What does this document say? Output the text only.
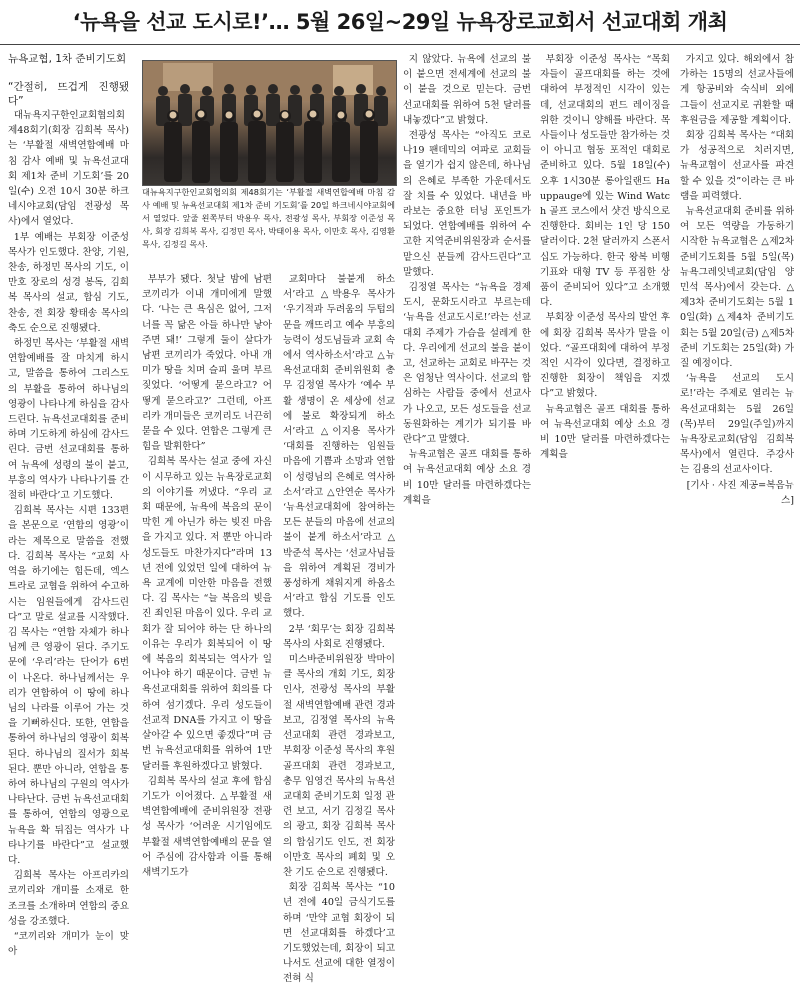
‘뉴욕을 선교 도시로!’… 5월 26일~29일 뉴욕장로교회서 선교대회 개최

뉴욕교협, 1차 준비기도회
“간절히, 뜨겁게 진행됐다”

대뉴욕지구한인교회협의회 제48회기(회장 김희복 목사)는 ‘부활절 새벽연합예배 마침 감사 예배 및 뉴욕선교대회 제1차 준비 기도회’를 20일(수) 오전 10시 30분 하크네시야교회(담임 전광성 목사)에서 열었다.

1부 예배는 부회장 이준성 목사가 인도했다. 찬양, 기원, 찬송, 하정민 목사의 기도, 이만호 장로의 성경 봉독, 김희복 목사의 설교, 합심 기도, 찬송, 전 회장 황태송 목사의 축도 순으로 진행됐다.

하정민 목사는 ‘부활절 새벽연합예배를 잘 마치게 하시고, 말씀을 통하여 그리스도의 부활을 통하여 하나님의 영광이 나타나게 하심을 감사드린다. 뉴욕선교대회를 준비하며 기도하게 하심에 감사드린다. 금번 선교대회를 통하여 뉴욕에 성령의 불이 붙고, 부흥의 역사가 나타나기를 간절히 바란다’고 기도했다.

김희복 목사는 시편 133편을 본문으로 ‘연합의 영광’이라는 제목으로 말씀을 전했다. 김희복 목사는 “교회 사역을 하기에는 힘든데, 엑스트라로 교협을 위하여 수고하시는 임원들에게 감사드린다”고 말로 설교를 시작했다. 김 목사는 “연합 자체가 하나님께 큰 영광이 된다. 주기도문에 ‘우리’라는 단어가 6번이 나온다. 하나님께서는 우리가 연합하여 이 땅에 하나님의 나라를 이루어 가는 것을 기뻐하신다. 또한, 연합을 통하여 하나님의 영광이 회복된다. 하나님의 질서가 회복된다. 뿐만 아니라, 연합을 통하여 하나님의 구원의 역사가 나타난다. 금번 뉴욕선교대회를 통하여, 연합의 영광으로 뉴욕을 확 뒤집는 역사가 나타나기를 바란다”고 설교했다.

김희복 목사는 아프리카의 코끼리와 개미를 소재로 한 조크를 소개하며 연합의 중요성을 강조했다.

“코끼리와 개미가 눈이 맞아

대뉴욕지구한인교회협의회 제48회기는 ‘부활절 새벽연합예배 마침 감사 예배 및 뉴욕선교대회 제1차 준비 기도회’를 20일 하크네시야교회에서 열었다. 앞줄 왼쪽부터 박용우 목사, 전광성 목사, 부회장 이준성 목사, 회장 김희복 목사, 김정민 목사, 박태이용 목사, 이만호 목사, 김영환 목사, 김정길 목사.

부부가 됐다. 첫날 밤에 남편 코끼리가 이내 개미에게 말했다. ‘나는 큰 욕심은 없어, 그저 너를 꼭 닮은 아들 하나만 낳아주면 돼!’ 그렇게 둘이 살다가 남편 코끼리가 죽었다. 아내 개미가 땅을 치며 슬피 울며 부르짖었다. ‘어떻게 묻으라고? 어떻게 묻으라고?’ 그런데, 아프리카 개미들은 코끼리도 너끈히 묻을 수 있다. 연합은 그렇게 큰 힘을 발휘한다”

김희복 목사는 설교 중에 자신이 시무하고 있는 뉴욕장로교회의 이야기를 꺼냈다. “우리 교회 때문에, 뉴욕에 복음의 문이 막힌 게 아닌가 하는 빚진 마음을 가지고 있다. 저 뿐만 아니라 성도들도 마찬가지다”라며 13년 전에 있었던 일에 대하여 뉴욕 교계에 미안한 마음을 전했다. 김 목사는 “늘 복음의 빚을 진 죄인된 마음이 있다. 우리 교회가 잘 되어야 하는 단 하나의 이유는 우리가 회복되어 이 땅에 복음의 회복되는 역사가 일어나야 하기 때문이다. 금번 뉴욕선교대회를 위하여 회의를 다하여 섬기겠다. 우리 성도들이 선교적 DNA를 가지고 이 땅을 살아갈 수 있으면 좋겠다”며 금번 뉴욕선교대회를 위하여 1만 달러를 후원하겠다고 밝혔다.

김희복 목사의 설교 후에 합심기도가 이어졌다. △부활절 새벽연합예배에 준비위원장 전광성 목사가 ‘어려운 시기임에도 부활절 새벽연합예배의 문을 열어 주심에 감사함과 이를 통해 새벽기도가

교회마다 불붙게 하소서’라고 △박용우 목사가 ‘우기적과 두려움의 두텁의 문을 깨뜨리고 예수 부흥의 능력이 성도님들과 교회 속에서 역사하소서’라고 △뉴욕선교대회 준비위원회 총무 김정열 목사가 ‘예수 부활 생명이 온 세상에 선교에 불로 확장되게 하소서’라고 △이지용 목사가 ‘대회를 진행하는 임원들 마음에 기쁨과 소망과 연합이 성령님의 은혜로 역사하소서’라고 △안연순 목사가 ‘뉴욕선교대회에 참여하는 모든 분들의 마음에 선교의 불이 붙게 하소서’라고 △박준석 목사는 ‘선교사님들을 위하여 계획된 경비가 풍성하게 채워지게 하옵소서’라고 합심 기도를 인도했다.

2부 ‘회무’는 회장 김희복 목사의 사회로 진행됐다.

미스바준비위원장 박마이클 목사의 개회 기도, 회장 인사, 전광성 목사의 부활절 새벽연합예배 관련 경과보고, 김정열 목사의 뉴욕선교대회 관련 경과보고, 부회장 이준성 목사의 후원 골프대회 관련 경과보고, 총무 임영건 목사의 뉴욕선교대회 준비기도회 일정 관련 보고, 서기 김정길 목사의 광고, 회장 김희복 목사의 합심기도 인도, 전 회장 이만호 목사의 폐회 및 오찬 기도 순으로 진행됐다.

회장 김희복 목사는 “10년 전에 40일 금식기도를 하며 ‘만약 교협 회장이 되면 선교대회를 하겠다’고 기도했었는데, 회장이 되고나서도 선교에 대한 열정이 전혀 식

지 않았다. 뉴욕에 선교의 불이 붙으면 전세계에 선교의 불이 붙을 것으로 믿는다. 금번 선교대회를 위하여 5천 달러를 내놓겠다”고 밝혔다.

전광성 목사는 “아직도 코로나19 팬데믹의 여파로 교회들을 열기가 쉽지 않은데, 하나님의 은혜로 부족한 가운데서도 잘 치를 수 있었다. 내년을 바라보는 중요한 터닝 포인트가 되었다. 연합예배를 위하여 수고한 지역준비위원장과 순서를 맡으신 분들께 감사드린다”고 말했다.

김정열 목사는 “뉴욕을 경제도시, 문화도시라고 부르는데 ‘뉴욕을 선교도시로!’라는 선교대회 주제가 가슴을 설레게 한다. 우리에게 선교의 불을 붙이고, 선교하는 교회로 바꾸는 것은 엄청난 역사이다. 선교의 합심하는 사람들 중에서 선교사가 나오고, 모든 성도들을 선교 동원화하는 계기가 되기를 바란다”고 말했다.

뉴욕교협은 골프 대회를 통하여 뉴욕선교대회 예상 소요 경비 10만 달러를 마련하겠다는 계획을

부회장 이준성 목사는 “목회자들이 골프대회를 하는 것에 대하여 부정적인 시각이 있는데, 선교대회의 펀드 레이징을 위한 것이니 양해를 바란다. 목사들이나 성도들만 참가하는 것이 아니고 협동 포적인 대회로 준비하고 있다. 5월 18일(수) 오후 1시30분 롱아일랜드 Hauppauge에 있는 Wind Watch 골프 코스에서 샷건 방식으로 진행한다. 회비는 1인 당 150달러이다. 2천 달러까지 스폰서십도 가능하다. 한국 왕복 비행기표와 대형 TV 등 푸짐한 상품이 준비되어 있다”고 소개했다.

부회장 이준성 목사의 발언 후에 회장 김희복 목사가 말을 이었다. “골프대회에 대하여 부정적인 시각이 있다면, 결정하고 진행한 회장이 책임을 지겠다”고 밝혔다.

뉴욕교협은 골프 대회를 통하여 뉴욕선교대회 예상 소요 경비 10만 달러를 마련하겠다는 계획을

가지고 있다. 해외에서 참가하는 15명의 선교사들에게 항공비와 숙식비 외에 그들이 선교지로 귀환할 때 후원금을 제공할 계획이다.

회장 김희복 목사는 “대회가 성공적으로 치러지면, 뉴욕교협이 선교사를 파견할 수 있을 것”이라는 큰 바램을 피력했다.

뉴욕선교대회 준비를 위하여 모든 역량을 가동하기 시작한 뉴욕교협은 △제2차 준비기도회를 5월 5일(목) 뉴욕그레잇넥교회(담임 양민석 목사)에서 갖는다. △제3차 준비기도회는 5월 10일(화) △제4차 준비기도회는 5월 20일(금) △제5차 준비 기도회는 25일(화) 가질 예정이다.

‘뉴욕을 선교의 도시로!’라는 주제로 열리는 뉴욕선교대회는 5월 26일(목)부터 29일(주일)까지 뉴욕장로교회(담임 김희복 목사)에서 열린다. 주강사는 김용의 선교사이다.

[기사 · 사진 제공=복음뉴스]
